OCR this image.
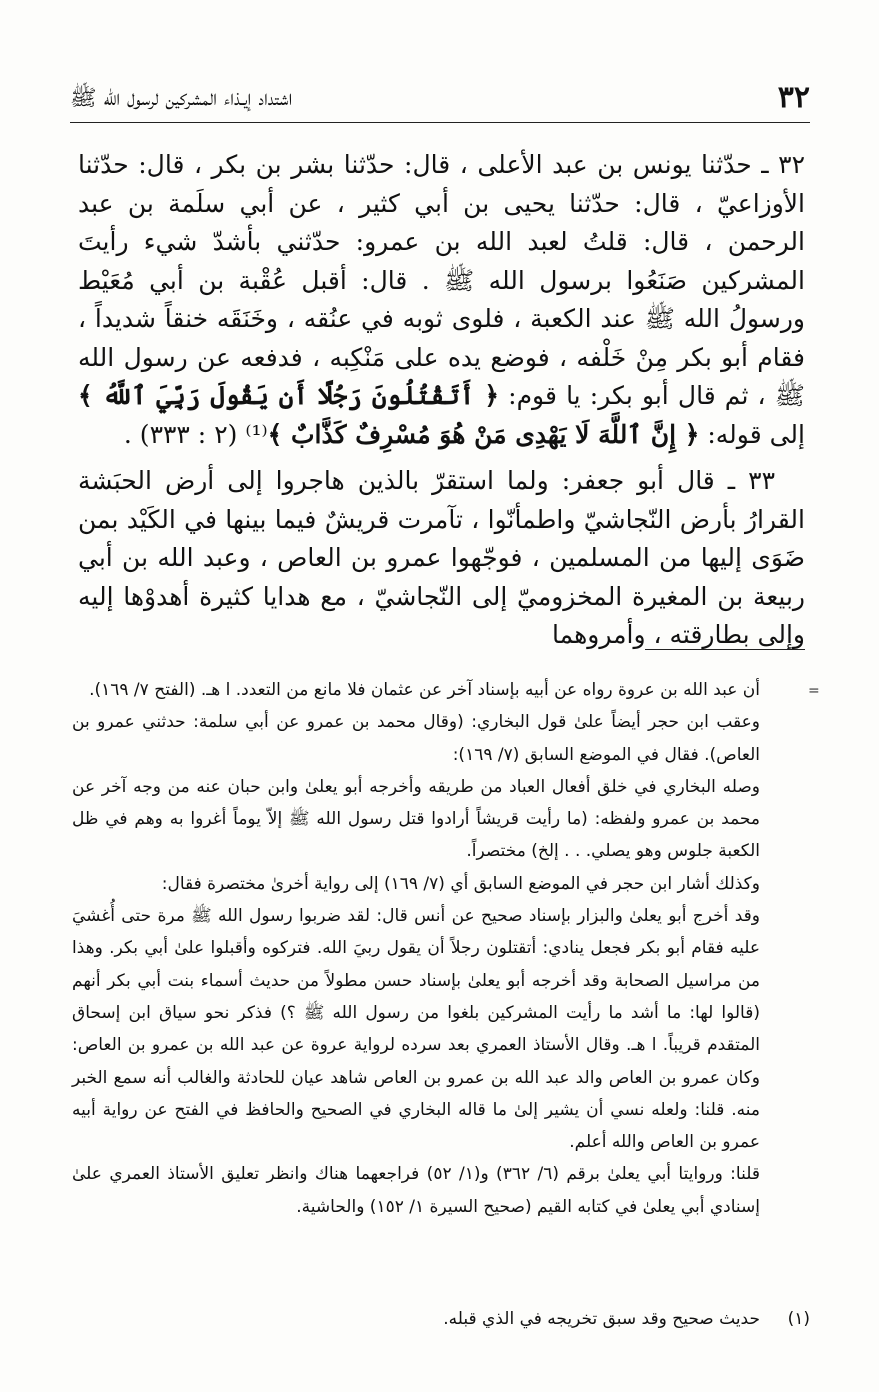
٣٢
اشتداد إيـذاء المشركين لرسول الله ﷺ

٣٢ ـ حدّثنا يونس بن عبد الأعلى ، قال: حدّثنا بشر بن بكر ، قال: حدّثنا الأوزاعيّ ، قال: حدّثنا يحيى بن أبي كثير ، عن أبي سلَمة بن عبد الرحمن ، قال: قلتُ لعبد الله بن عمرو: حدّثني بأشدّ شيء رأيتَ المشركين صَنَعُوا برسول الله ﷺ . قال: أقبل عُقْبة بن أبي مُعَيْط ورسولُ الله ﷺ عند الكعبة ، فلوى ثوبه في عنُقه ، وخَنَقَه خنقاً شديداً ، فقام أبو بكر مِنْ خَلْفه ، فوضع يده على مَنْكِبه ، فدفعه عن رسول الله ﷺ ، ثم قال أبو بكر: يا قوم: ﴿ أَتَقْتُلُونَ رَجُلًا أَن يَقُولَ رَبِّيَ ٱللَّهُ ﴾ إلى قوله: ﴿ إِنَّ ٱللَّهَ لَا يَهْدِى مَنْ هُوَ مُسْرِفٌ كَذَّابٌ ﴾⁽¹⁾ (٢ : ٣٣٣) .

٣٣ ـ قال أبو جعفر: ولما استقرّ بالذين هاجروا إلى أرض الحبَشة القرارُ بأرض النّجاشيّ واطمأنّوا ، تآمرت قريشٌ فيما بينها في الكَيْد بمن ضَوَى إليها من المسلمين ، فوجّهوا عمرو بن العاص ، وعبد الله بن أبي ربيعة بن المغيرة المخزوميّ إلى النّجاشيّ ، مع هدايا كثيرة أهدوْها إليه وإلى بطارقته ، وأمروهما

=

أن عبد الله بن عروة رواه عن أبيه بإسناد آخر عن عثمان فلا مانع من التعدد. ا هـ. (الفتح ٧/ ١٦٩).

وعقب ابن حجر أيضاً علىٰ قول البخاري: (وقال محمد بن عمرو عن أبي سلمة: حدثني عمرو بن العاص). فقال في الموضع السابق (٧/ ١٦٩):

وصله البخاري في خلق أفعال العباد من طريقه وأخرجه أبو يعلىٰ وابن حبان عنه من وجه آخر عن محمد بن عمرو ولفظه: (ما رأيت قريشاً أرادوا قتل رسول الله ﷺ إلاّ يوماً أغروا به وهم في ظل الكعبة جلوس وهو يصلي. . . إلخ) مختصراً.

وكذلك أشار ابن حجر في الموضع السابق أي (٧/ ١٦٩) إلى رواية أخرىٰ مختصرة فقال:

وقد أخرج أبو يعلىٰ والبزار بإسناد صحيح عن أنس قال: لقد ضربوا رسول الله ﷺ مرة حتى أُغشيَ عليه فقام أبو بكر فجعل ينادي: أتقتلون رجلاً أن يقول ربيَ الله. فتركوه وأقبلوا علىٰ أبي بكر. وهذا من مراسيل الصحابة وقد أخرجه أبو يعلىٰ بإسناد حسن مطولاً من حديث أسماء بنت أبي بكر أنهم (قالوا لها: ما أشد ما رأيت المشركين بلغوا من رسول الله ﷺ ؟) فذكر نحو سياق ابن إسحاق المتقدم قريباً. ا هـ. وقال الأستاذ العمري بعد سرده لرواية عروة عن عبد الله بن عمرو بن العاص: وكان عمرو بن العاص والد عبد الله بن عمرو بن العاص شاهد عيان للحادثة والغالب أنه سمع الخبر منه. قلنا: ولعله نسي أن يشير إلىٰ ما قاله البخاري في الصحيح والحافظ في الفتح عن رواية أبيه عمرو بن العاص والله أعلم.

قلنا: وروايتا أبي يعلىٰ برقم (٦/ ٣٦٢) و(١/ ٥٢) فراجعهما هناك وانظر تعليق الأستاذ العمري علىٰ إسنادي أبي يعلىٰ في كتابه القيم (صحيح السيرة ١/ ١٥٢) والحاشية.

(١)حديث صحيح وقد سبق تخريجه في الذي قبله.
